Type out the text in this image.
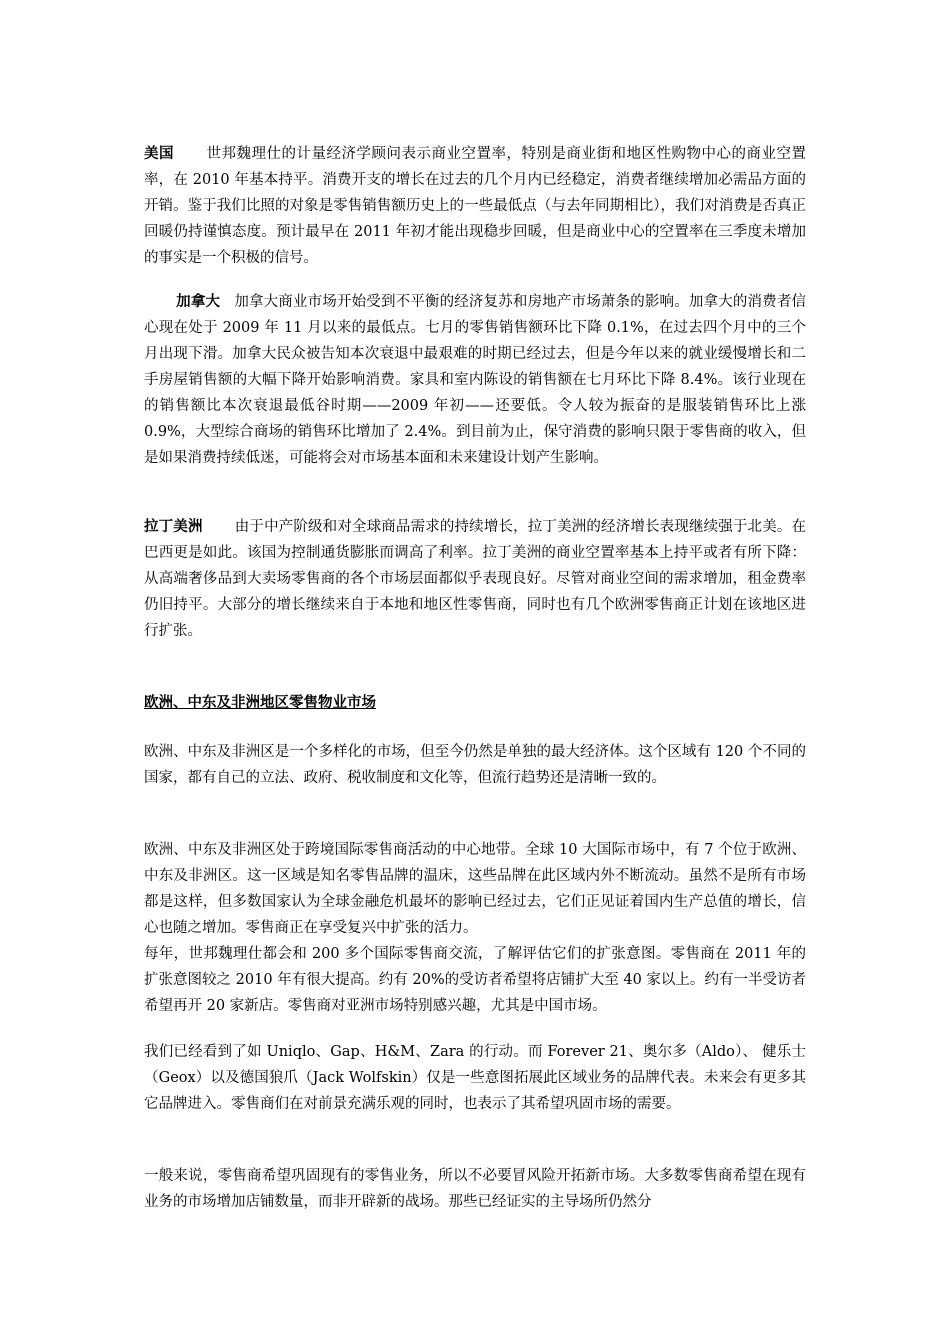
美国 世邦魏理仕的计量经济学顾问表示商业空置率，特别是商业街和地区性购物中心的商业空置率，在 2010 年基本持平。消费开支的增长在过去的几个月内已经稳定，消费者继续增加必需品方面的开销。鉴于我们比照的对象是零售销售额历史上的一些最低点（与去年同期相比），我们对消费是否真正回暖仍持谨慎态度。预计最早在 2011 年初才能出现稳步回暖，但是商业中心的空置率在三季度未增加的事实是一个积极的信号。

加拿大 加拿大商业市场开始受到不平衡的经济复苏和房地产市场萧条的影响。加拿大的消费者信心现在处于 2009 年 11 月以来的最低点。七月的零售销售额环比下降 0.1%，在过去四个月中的三个月出现下滑。加拿大民众被告知本次衰退中最艰难的时期已经过去，但是今年以来的就业缓慢增长和二手房屋销售额的大幅下降开始影响消费。家具和室内陈设的销售额在七月环比下降 8.4%。该行业现在的销售额比本次衰退最低谷时期——2009 年初——还要低。令人较为振奋的是服装销售环比上涨 0.9%，大型综合商场的销售环比增加了 2.4%。到目前为止，保守消费的影响只限于零售商的收入，但是如果消费持续低迷，可能将会对市场基本面和未来建设计划产生影响。

拉丁美洲 由于中产阶级和对全球商品需求的持续增长，拉丁美洲的经济增长表现继续强于北美。在巴西更是如此。该国为控制通货膨胀而调高了利率。拉丁美洲的商业空置率基本上持平或者有所下降：从高端奢侈品到大卖场零售商的各个市场层面都似乎表现良好。尽管对商业空间的需求增加，租金费率仍旧持平。大部分的增长继续来自于本地和地区性零售商，同时也有几个欧洲零售商正计划在该地区进行扩张。

欧洲、中东及非洲地区零售物业市场

欧洲、中东及非洲区是一个多样化的市场，但至今仍然是单独的最大经济体。这个区域有 120 个不同的国家，都有自己的立法、政府、税收制度和文化等，但流行趋势还是清晰一致的。

欧洲、中东及非洲区处于跨境国际零售商活动的中心地带。全球 10 大国际市场中，有 7 个位于欧洲、中东及非洲区。这一区域是知名零售品牌的温床，这些品牌在此区域内外不断流动。虽然不是所有市场都是这样，但多数国家认为全球金融危机最坏的影响已经过去，它们正见证着国内生产总值的增长，信心也随之增加。零售商正在享受复兴中扩张的活力。

每年，世邦魏理仕都会和 200 多个国际零售商交流，了解评估它们的扩张意图。零售商在 2011 年的扩张意图较之 2010 年有很大提高。约有 20%的受访者希望将店铺扩大至 40 家以上。约有一半受访者希望再开 20 家新店。零售商对亚洲市场特别感兴趣，尤其是中国市场。

我们已经看到了如 Uniqlo、Gap、H&M、Zara 的行动。而 Forever 21、奥尔多（Aldo）、 健乐士（Geox）以及德国狼爪（Jack Wolfskin）仅是一些意图拓展此区域业务的品牌代表。未来会有更多其它品牌进入。零售商们在对前景充满乐观的同时，也表示了其希望巩固市场的需要。

一般来说，零售商希望巩固现有的零售业务，所以不必要冒风险开拓新市场。大多数零售商希望在现有业务的市场增加店铺数量，而非开辟新的战场。那些已经证实的主导场所仍然分
